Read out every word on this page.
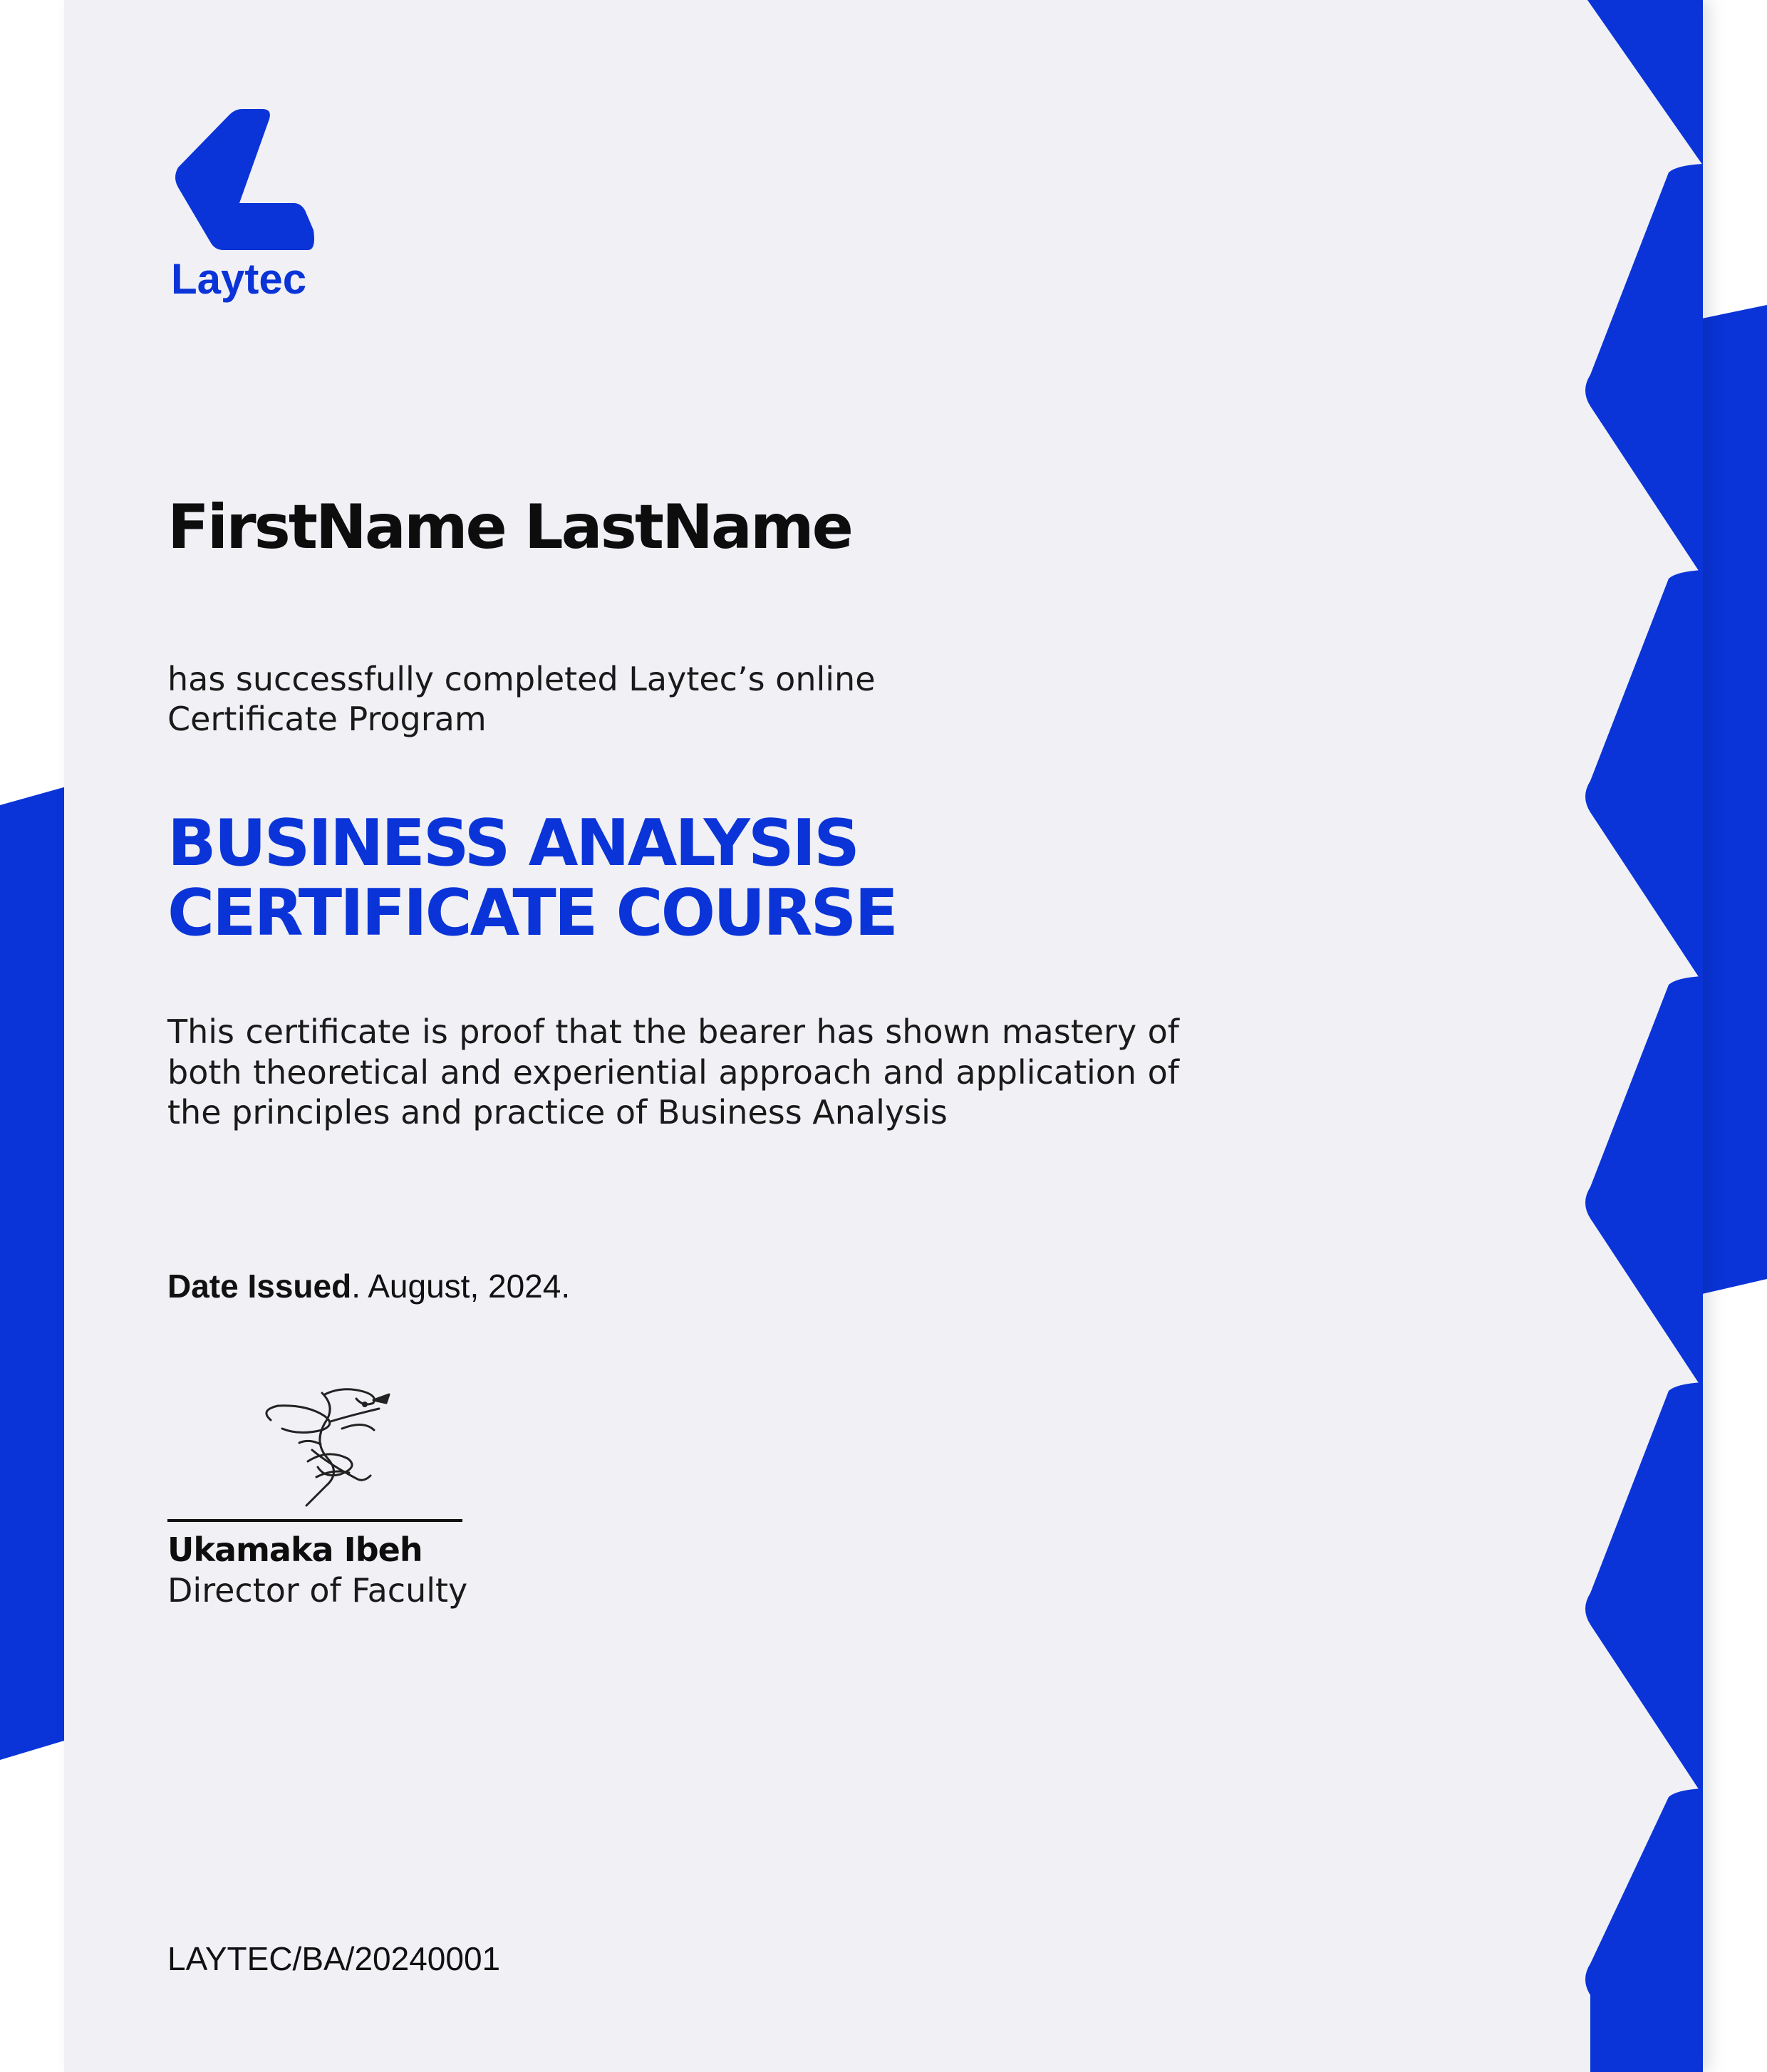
Laytec
FirstName LastName

has successfully completed Laytec’s online Certificate Program

BUSINESS ANALYSIS
CERTIFICATE COURSE

This certificate is proof that the bearer has shown mastery of both theoretical and experiential approach and application of the principles and practice of Business Analysis

Date Issued. August, 2024.
Ukamaka Ibeh
Director of Faculty
LAYTEC/BA/20240001
